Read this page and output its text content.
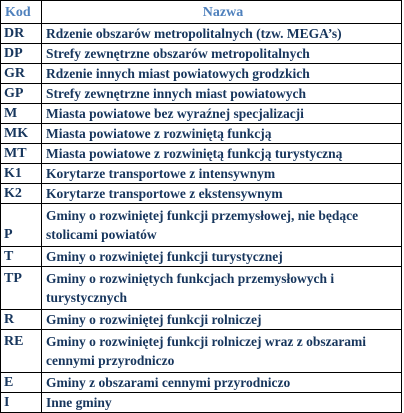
Kod	Nazwa
DR	Rdzenie obszarów metropolitalnych (tzw. MEGA’s)
DP	Strefy zewnętrzne obszarów metropolitalnych
GR	Rdzenie innych miast powiatowych grodzkich
GP	Strefy zewnętrzne innych miast powiatowych
M	Miasta powiatowe bez wyraźnej specjalizacji
MK	Miasta powiatowe z rozwiniętą funkcją
MT	Miasta powiatowe z rozwiniętą funkcją turystyczną
K1	Korytarze transportowe z intensywnym
K2	Korytarze transportowe z ekstensywnym
P	Gminy o rozwiniętej funkcji przemysłowej, nie będące stolicami powiatów
T	Gminy o rozwiniętej funkcji turystycznej
TP	Gminy o rozwiniętych funkcjach przemysłowych i turystycznych
R	Gminy o rozwiniętej funkcji rolniczej
RE	Gminy o rozwiniętej funkcji rolniczej wraz z obszarami cennymi przyrodniczo
E	Gminy z obszarami cennymi przyrodniczo
I	Inne gminy
